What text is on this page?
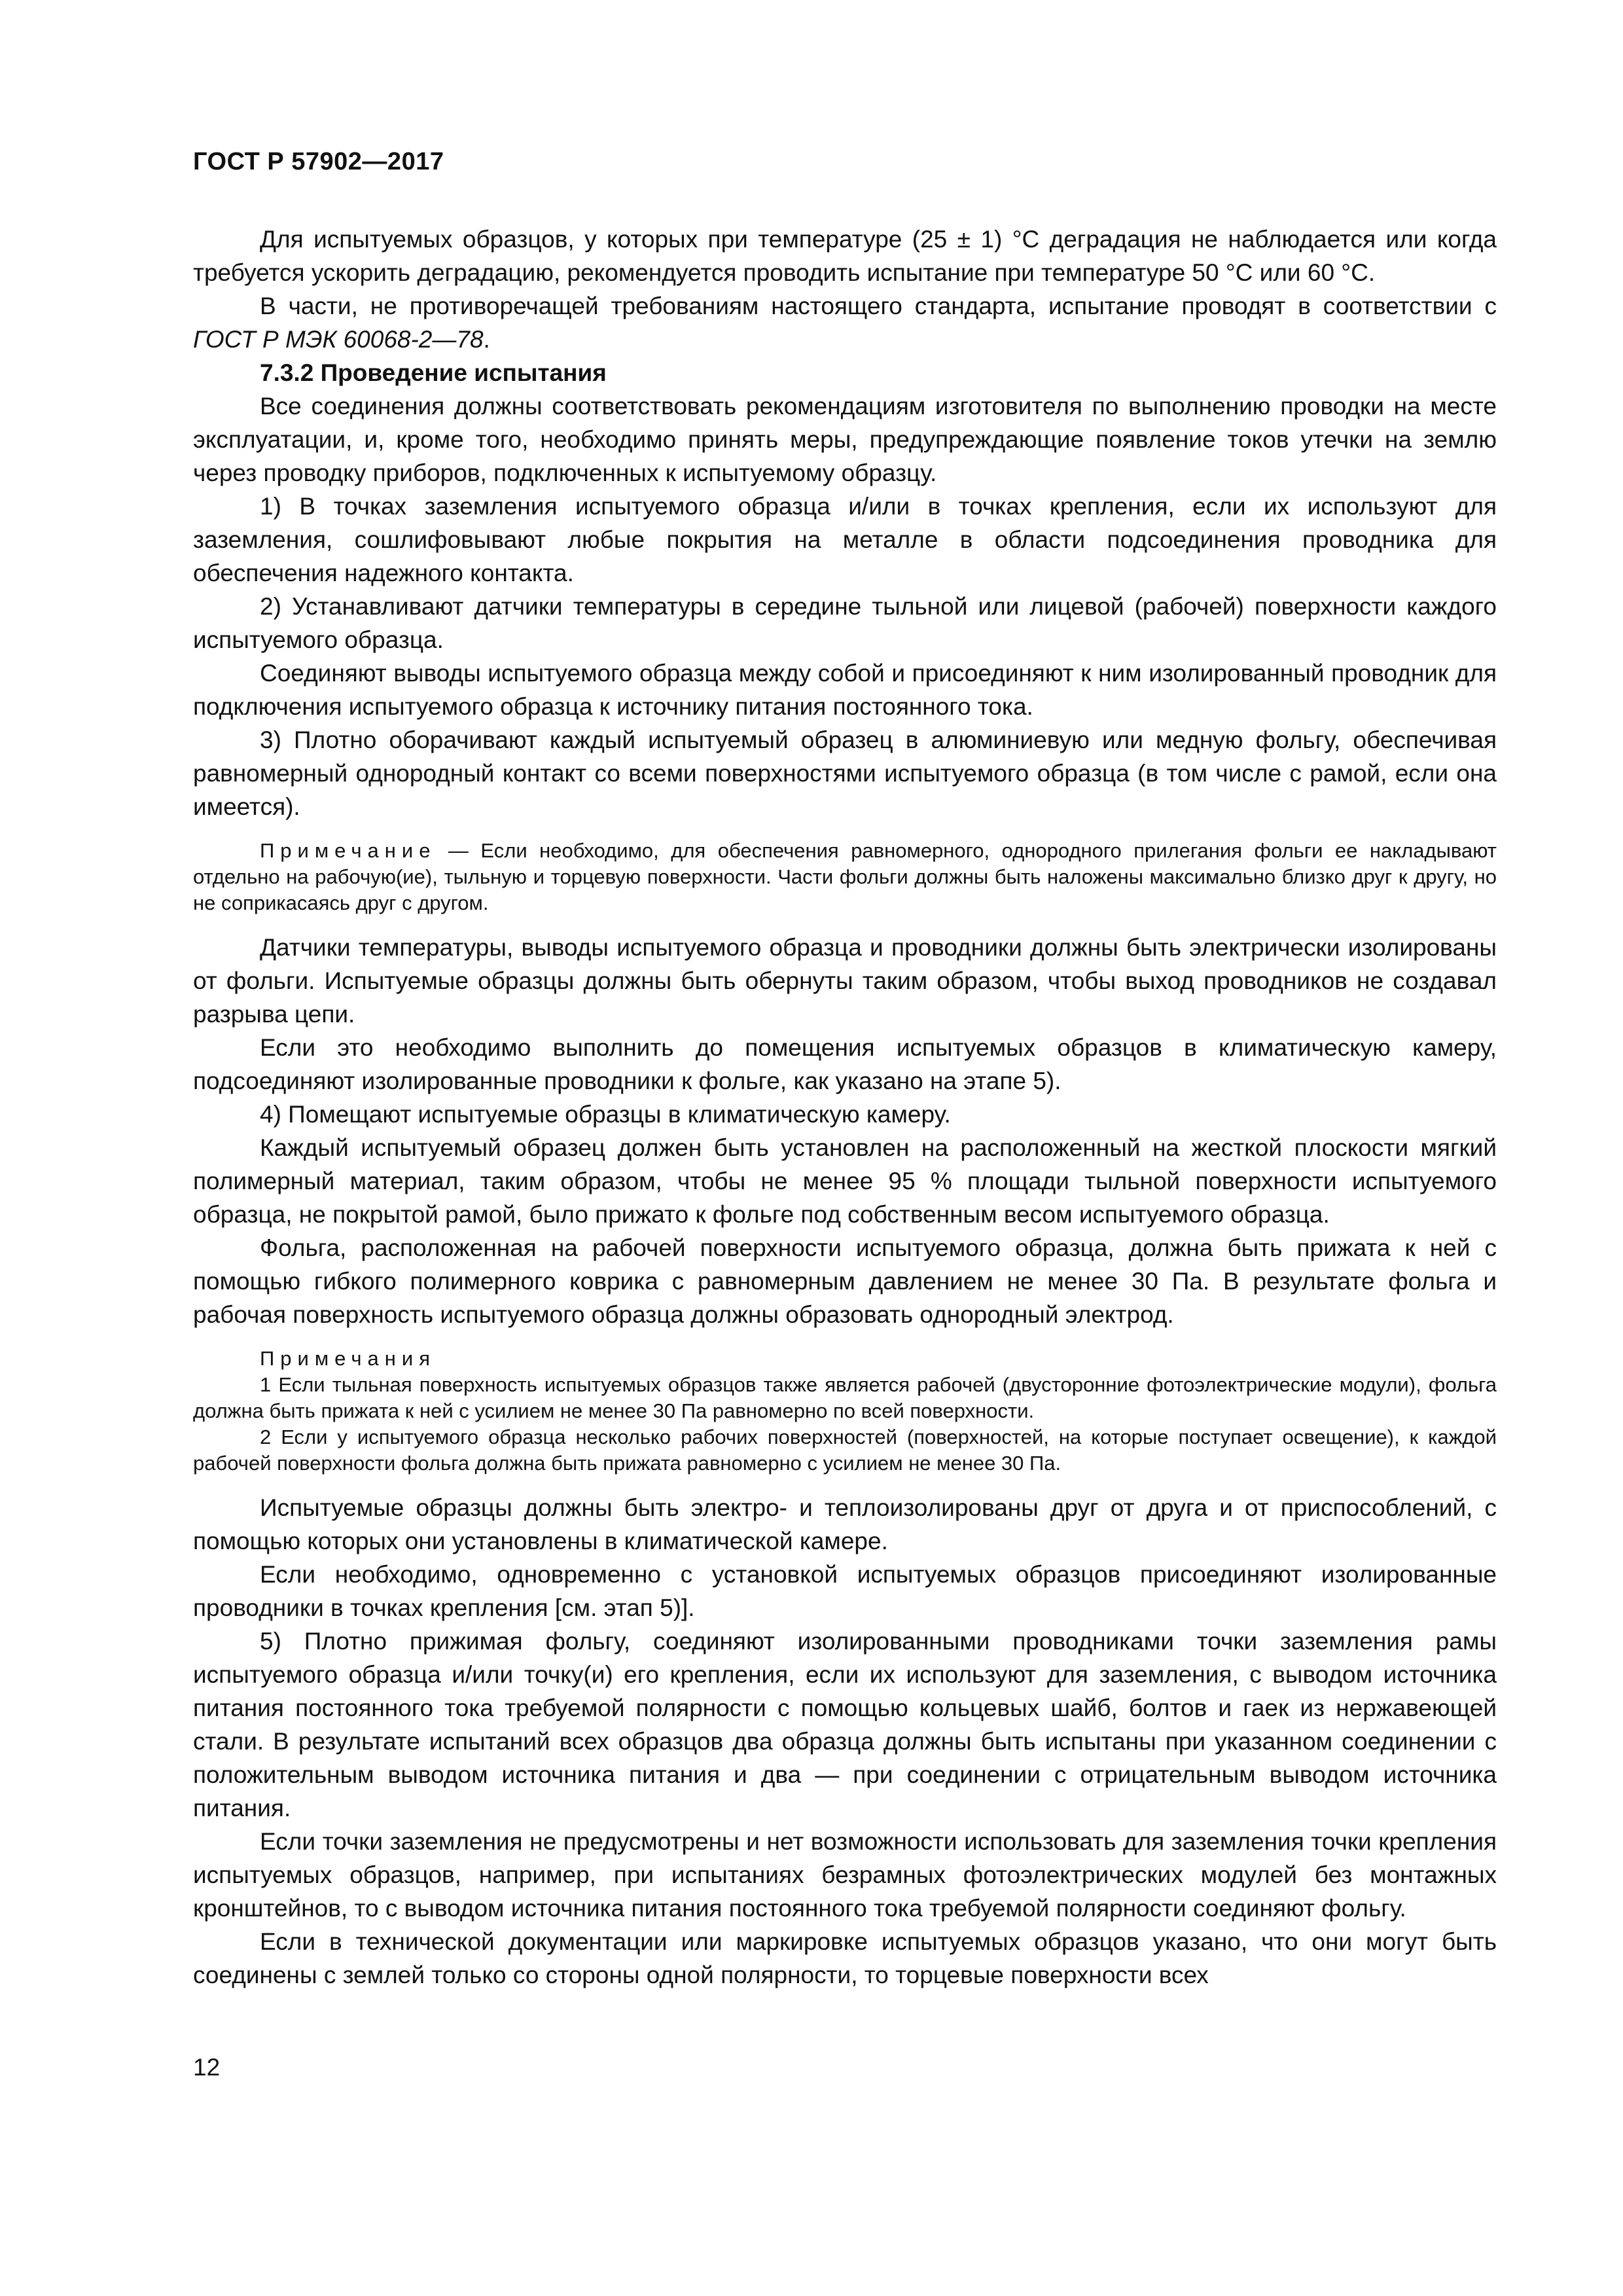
ГОСТ Р 57902—2017

Для испытуемых образцов, у которых при температуре (25 ± 1) °С деградация не наблюдается или когда требуется ускорить деградацию, рекомендуется проводить испытание при температуре 50 °С или 60 °С.

В части, не противоречащей требованиям настоящего стандарта, испытание проводят в соответствии с ГОСТ Р МЭК 60068-2—78.

7.3.2 Проведение испытания

Все соединения должны соответствовать рекомендациям изготовителя по выполнению проводки на месте эксплуатации, и, кроме того, необходимо принять меры, предупреждающие появление токов утечки на землю через проводку приборов, подключенных к испытуемому образцу.

1) В точках заземления испытуемого образца и/или в точках крепления, если их используют для заземления, сошлифовывают любые покрытия на металле в области подсоединения проводника для обеспечения надежного контакта.

2) Устанавливают датчики температуры в середине тыльной или лицевой (рабочей) поверхности каждого испытуемого образца.

Соединяют выводы испытуемого образца между собой и присоединяют к ним изолированный проводник для подключения испытуемого образца к источнику питания постоянного тока.

3) Плотно оборачивают каждый испытуемый образец в алюминиевую или медную фольгу, обеспечивая равномерный однородный контакт со всеми поверхностями испытуемого образца (в том числе с рамой, если она имеется).

Примечание — Если необходимо, для обеспечения равномерного, однородного прилегания фольги ее накладывают отдельно на рабочую(ие), тыльную и торцевую поверхности. Части фольги должны быть наложены максимально близко друг к другу, но не соприкасаясь друг с другом.

Датчики температуры, выводы испытуемого образца и проводники должны быть электрически изолированы от фольги. Испытуемые образцы должны быть обернуты таким образом, чтобы выход проводников не создавал разрыва цепи.

Если это необходимо выполнить до помещения испытуемых образцов в климатическую камеру, подсоединяют изолированные проводники к фольге, как указано на этапе 5).

4) Помещают испытуемые образцы в климатическую камеру.

Каждый испытуемый образец должен быть установлен на расположенный на жесткой плоскости мягкий полимерный материал, таким образом, чтобы не менее 95 % площади тыльной поверхности испытуемого образца, не покрытой рамой, было прижато к фольге под собственным весом испытуемого образца.

Фольга, расположенная на рабочей поверхности испытуемого образца, должна быть прижата к ней с помощью гибкого полимерного коврика с равномерным давлением не менее 30 Па. В результате фольга и рабочая поверхность испытуемого образца должны образовать однородный электрод.

Примечания

1 Если тыльная поверхность испытуемых образцов также является рабочей (двусторонние фотоэлектрические модули), фольга должна быть прижата к ней с усилием не менее 30 Па равномерно по всей поверхности.

2 Если у испытуемого образца несколько рабочих поверхностей (поверхностей, на которые поступает освещение), к каждой рабочей поверхности фольга должна быть прижата равномерно с усилием не менее 30 Па.

Испытуемые образцы должны быть электро- и теплоизолированы друг от друга и от приспособлений, с помощью которых они установлены в климатической камере.

Если необходимо, одновременно с установкой испытуемых образцов присоединяют изолированные проводники в точках крепления [см. этап 5)].

5) Плотно прижимая фольгу, соединяют изолированными проводниками точки заземления рамы испытуемого образца и/или точку(и) его крепления, если их используют для заземления, с выводом источника питания постоянного тока требуемой полярности с помощью кольцевых шайб, болтов и гаек из нержавеющей стали. В результате испытаний всех образцов два образца должны быть испытаны при указанном соединении с положительным выводом источника питания и два — при соединении с отрицательным выводом источника питания.

Если точки заземления не предусмотрены и нет возможности использовать для заземления точки крепления испытуемых образцов, например, при испытаниях безрамных фотоэлектрических модулей без монтажных кронштейнов, то с выводом источника питания постоянного тока требуемой полярности соединяют фольгу.

Если в технической документации или маркировке испытуемых образцов указано, что они могут быть соединены с землей только со стороны одной полярности, то торцевые поверхности всех

12
